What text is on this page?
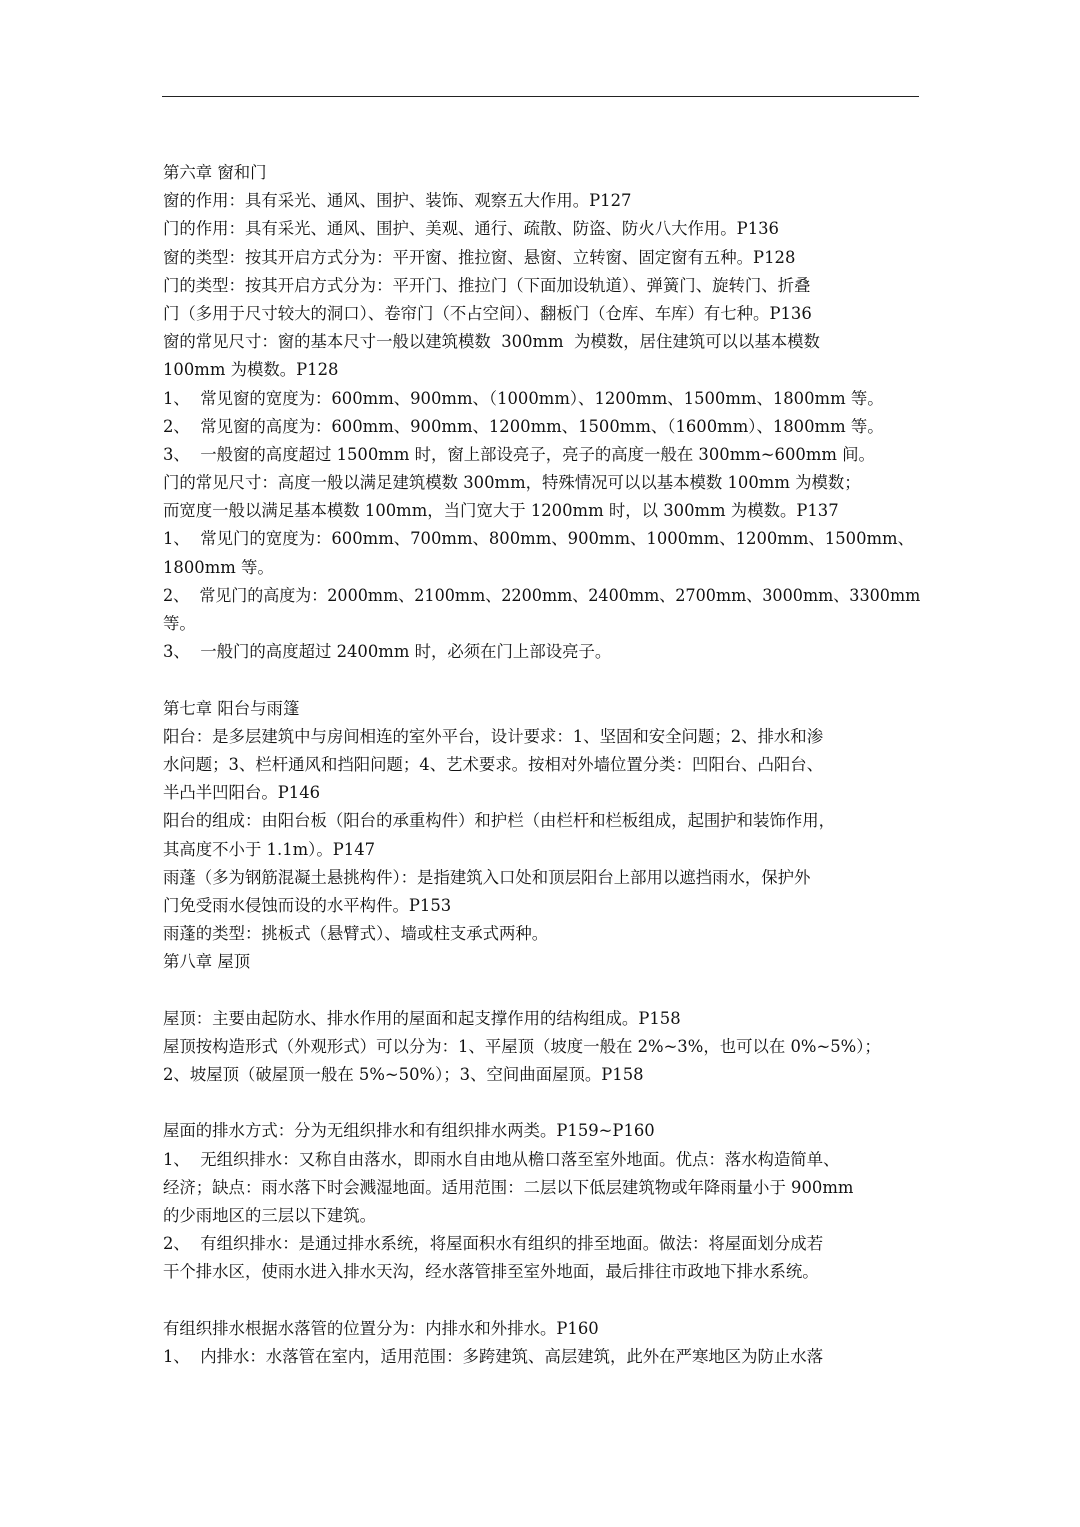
第六章 窗和门
窗的作用：具有采光、通风、围护、装饰、观察五大作用。P127
门的作用：具有采光、通风、围护、美观、通行、疏散、防盗、防火八大作用。P136
窗的类型：按其开启方式分为：平开窗、推拉窗、悬窗、立转窗、固定窗有五种。P128
门的类型：按其开启方式分为：平开门、推拉门（下面加设轨道）、弹簧门、旋转门、折叠
门（多用于尺寸较大的洞口）、卷帘门（不占空间）、翻板门（仓库、车库）有七种。P136
窗的常见尺寸：窗的基本尺寸一般以建筑模数  300mm  为模数，居住建筑可以以基本模数
100mm 为模数。P128
1、  常见窗的宽度为：600mm、900mm、（1000mm）、1200mm、1500mm、1800mm 等。
2、  常见窗的高度为：600mm、900mm、1200mm、1500mm、（1600mm）、1800mm 等。
3、  一般窗的高度超过 1500mm 时，窗上部设亮子，亮子的高度一般在 300mm~600mm 间。
门的常见尺寸：高度一般以满足建筑模数 300mm，特殊情况可以以基本模数 100mm 为模数；
而宽度一般以满足基本模数 100mm，当门宽大于 1200mm 时，以 300mm 为模数。P137
1、  常见门的宽度为：600mm、700mm、800mm、900mm、1000mm、1200mm、1500mm、
1800mm 等。
2、  常见门的高度为：2000mm、2100mm、2200mm、2400mm、2700mm、3000mm、3300mm
等。
3、  一般门的高度超过 2400mm 时，必须在门上部设亮子。
第七章 阳台与雨篷
阳台：是多层建筑中与房间相连的室外平台，设计要求：1、坚固和安全问题；2、排水和渗
水问题；3、栏杆通风和挡阳问题；4、艺术要求。按相对外墙位置分类：凹阳台、凸阳台、
半凸半凹阳台。P146
阳台的组成：由阳台板（阳台的承重构件）和护栏（由栏杆和栏板组成，起围护和装饰作用，
其高度不小于 1.1m）。P147
雨蓬（多为钢筋混凝土悬挑构件）：是指建筑入口处和顶层阳台上部用以遮挡雨水，保护外
门免受雨水侵蚀而设的水平构件。P153
雨蓬的类型：挑板式（悬臂式）、墙或柱支承式两种。
第八章 屋顶
屋顶：主要由起防水、排水作用的屋面和起支撑作用的结构组成。P158
屋顶按构造形式（外观形式）可以分为：1、平屋顶（坡度一般在 2%~3%，也可以在 0%~5%）；
2、坡屋顶（破屋顶一般在 5%~50%）；3、空间曲面屋顶。P158
屋面的排水方式：分为无组织排水和有组织排水两类。P159~P160
1、  无组织排水：又称自由落水，即雨水自由地从檐口落至室外地面。优点：落水构造简单、
经济；缺点：雨水落下时会溅湿地面。适用范围：二层以下低层建筑物或年降雨量小于 900mm
的少雨地区的三层以下建筑。
2、  有组织排水：是通过排水系统，将屋面积水有组织的排至地面。做法：将屋面划分成若
干个排水区，使雨水进入排水天沟，经水落管排至室外地面，最后排往市政地下排水系统。
有组织排水根据水落管的位置分为：内排水和外排水。P160
1、  内排水：水落管在室内，适用范围：多跨建筑、高层建筑，此外在严寒地区为防止水落
